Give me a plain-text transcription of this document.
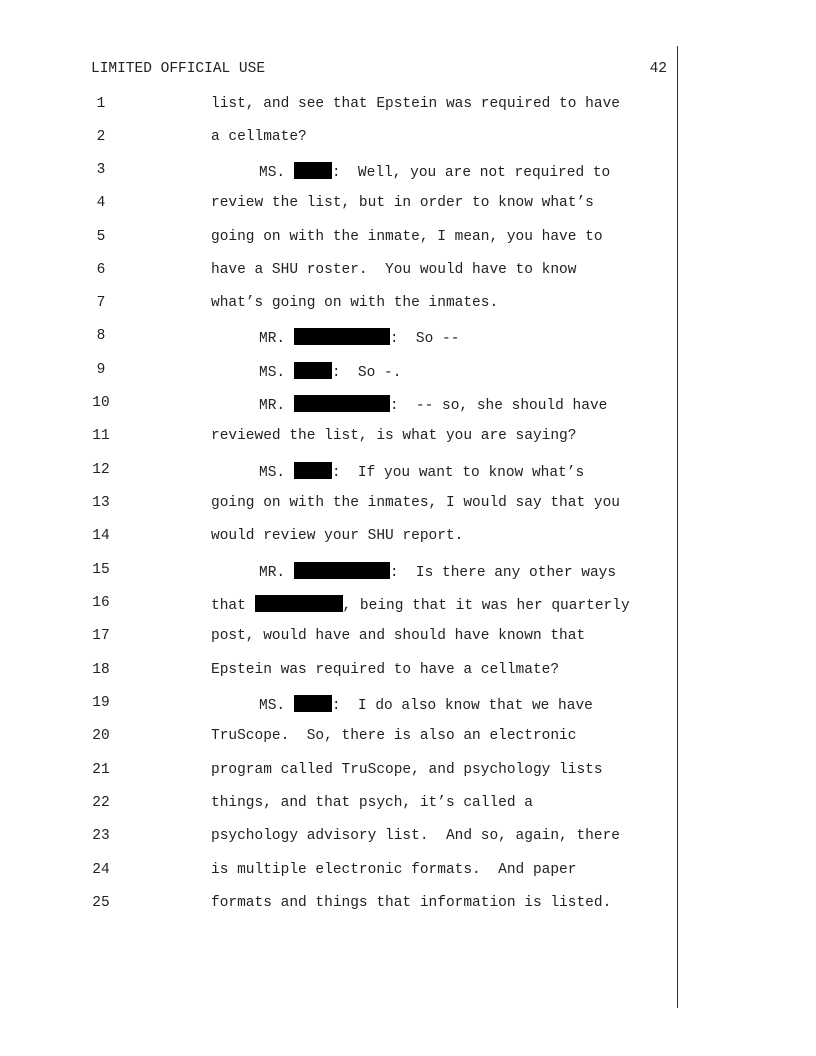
LIMITED OFFICIAL USE	42
1	list, and see that Epstein was required to have
2	a cellmate?
3	MS.	:  Well, you are not required to
4	review the list, but in order to know what’s
5	going on with the inmate, I mean, you have to
6	have a SHU roster.  You would have to know
7	what’s going on with the inmates.
8	MR.	:  So --
9	MS.	:  So -.
10	MR.	:  -- so, she should have
11	reviewed the list, is what you are saying?
12	MS.	:  If you want to know what’s
13	going on with the inmates, I would say that you
14	would review your SHU report.
15	MR.	:  Is there any other ways
16	that	, being that it was her quarterly
17	post, would have and should have known that
18	Epstein was required to have a cellmate?
19	MS.	:  I do also know that we have
20	TruScope.  So, there is also an electronic
21	program called TruScope, and psychology lists
22	things, and that psych, it’s called a
23	psychology advisory list.  And so, again, there
24	is multiple electronic formats.  And paper
25	formats and things that information is listed.
